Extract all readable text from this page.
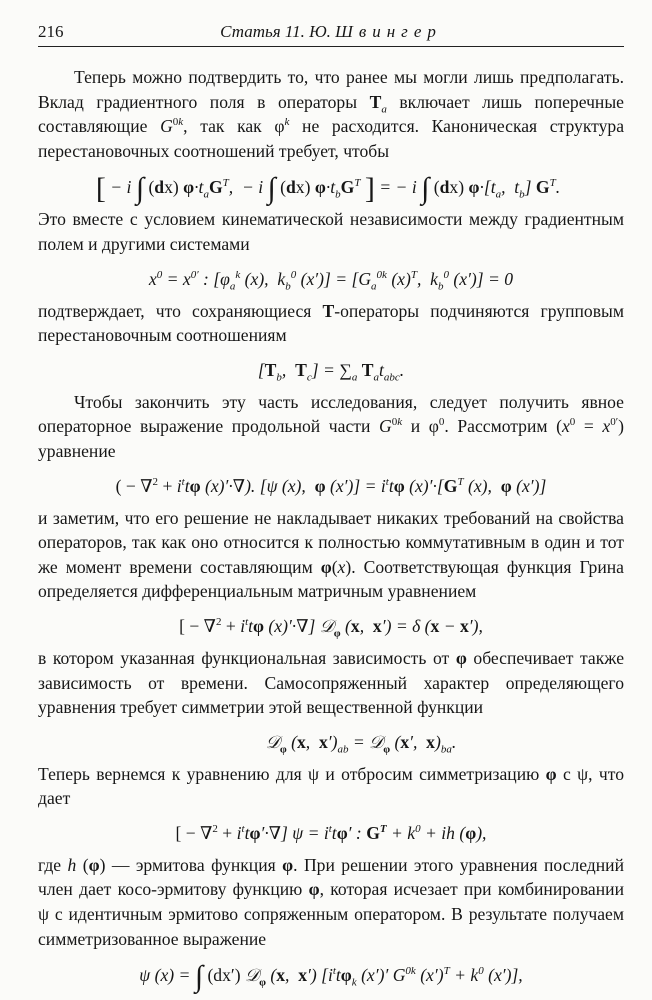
216	Статья 11. Ю. Швингер

Теперь можно подтвердить то, что ранее мы могли лишь предполагать. Вклад градиентного поля в операторы $T_a$ включает лишь поперечные составляющие $G^{0k}$, так как $\varphi^k$ не расходится. Каноническая структура перестановочных соотношений требует, чтобы

[ − i ∫ (dx) $\varphi\cdot t_aG^T$,  − i ∫ (dx) $\varphi\cdot t_bG^T$ ] = − i ∫ (dx) $\varphi\cdot[t_a$,  $t_b$] $G^T$.

Это вместе с условием кинематической независимости между градиентным полем и другими системами

$x^0 = x^{0'}$ : [$\varphi_a^k$ (x),  $k_b^0$ $(x')] = [G_a^{0k}$ $(x)^T$,  $k_b^0$ (x′)] = 0

подтверждает, что сохраняющиеся T-операторы подчиняются групповым перестановочным соотношениям

[$T_b$,  $T_c] = \sum_a$ $T_at_{abc}$.

Чтобы закончить эту часть исследования, следует получить явное операторное выражение продольной части $G^{0k}$ и $\varphi^0$. Рассмотрим $(x^0 = x^{0'})$ уравнение

( − $\nabla^2 + i^tt\varphi$ (x)′·∇). [ψ (x),  φ $(x')] = i^tt\varphi$ $(x)'\cdot[G^T$ (x),  φ (x′)]

и заметим, что его решение не накладывает никаких требований на свойства операторов, так как оно относится к полностью коммутативным в один и тот же момент времени составляющим φ(x). Соответствующая функция Грина определяется дифференциальным матричным уравнением

[ − $\nabla^2 + i^tt\varphi$ (x)′·∇] 𝒟$_\varphi$ (x,  x′) = δ (x − x′),

в котором указанная функциональная зависимость от φ обеспечивает также зависимость от времени. Самосопряженный характер определяющего уравнения требует симметрии этой вещественной функции

𝒟$_\varphi$ (x,  $x')_{ab}$ = 𝒟$_\varphi$ (x′,  $x)_{ba}$.

Теперь вернемся к уравнению для ψ и отбросим симметризацию φ с ψ, что дает

[ − $\nabla^2 + i^tt\varphi'\cdot\nabla$] $\psi = i^tt\varphi'$ : $G^T + k^0$ + ih (φ),

где h (φ) — эрмитова функция φ. При решении этого уравнения последний член дает косо-эрмитову функцию φ, которая исчезает при комбинировании ψ с идентичным эрмитово сопряженным оператором. В результате получаем симметризованное выражение

ψ (x) = ∫ (dx′) 𝒟$_\varphi$ (x,  x′) [$i^tt\varphi_k$ (x′)′ $G^{0k}$ $(x')^T + k^0$ (x′)],
